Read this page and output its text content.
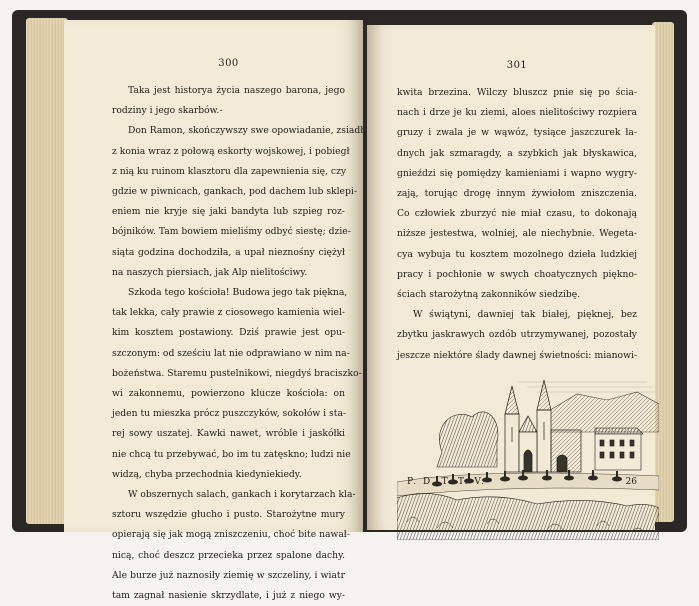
300
Taka jest historya życia naszego barona, jego
rodziny i jego skarbów.-
Don Ramon, skończywszy swe opowiadanie, zsiadł
z konia wraz z połową eskorty wojskowej, i pobiegł
z nią ku ruinom klasztoru dla zapewnienia się, czy
gdzie w piwnicach, gankach, pod dachem lub sklepi-
eniem nie kryje się jaki bandyta lub szpieg roz-
bójników. Tam bowiem mieliśmy odbyć siestę; dzie-
siąta godzina dochodziła, a upał nieznośny ciężył
na naszych piersiach, jak Alp nielitościwy.
Szkoda tego kościoła! Budowa jego tak piękna,
tak lekka, cały prawie z ciosowego kamienia wiel-
kim kosztem postawiony. Dziś prawie jest opu-
szczonym: od sześciu lat nie odprawiano w nim na-
bożeństwa. Staremu pustelnikowi, niegdyś braciszko-
wi zakonnemu, powierzono klucze kościoła: on
jeden tu mieszka prócz puszczyków, sokołów i sta-
rej sowy uszatej. Kawki nawet, wróble i jaskółki
nie chcą tu przebywać, bo im tu zatęskno; ludzi nie
widzą, chyba przechodnia kiedyniekiedy.
W obszernych salach, gankach i korytarzach kla-
sztoru wszędzie głucho i pusto. Starożytne mury
opierają się jak mogą zniszczeniu, choć bite nawał-
nicą, choć deszcz przecieka przez spalone dachy.
Ale burze już naznosiły ziemię w szczeliny, i wiatr
tam zagnał nasienie skrzydlate, i już z niego wy-
301
kwita brzezina. Wilczy bluszcz pnie się po ścia-
nach i drze je ku ziemi, aloes nielitościwy rozpiera
gruzy i zwala je w wąwóz, tysiące jaszczurek ła-
dnych jak szmaragdy, a szybkich jak błyskawica,
gnieździ się pomiędzy kamieniami i wapno wygry-
zają, torując drogę innym żywiołom zniszczenia.
Co człowiek zburzyć nie miał czasu, to dokonają
niższe jestestwa, wolniej, ale niechybnie. Wegeta-
cya wybuja tu kosztem mozolnego dzieła ludzkiej
pracy i pochłonie w swych choatycznych piękno-
ściach starożytną zakonników siedzibę.
W świątyni, dawniej tak białej, pięknej, bez
zbytku jaskrawych ozdób utrzymywanej, pozostały
jeszcze niektóre ślady dawnej świetności: mianowi-
P. D. T. T. V.	26
